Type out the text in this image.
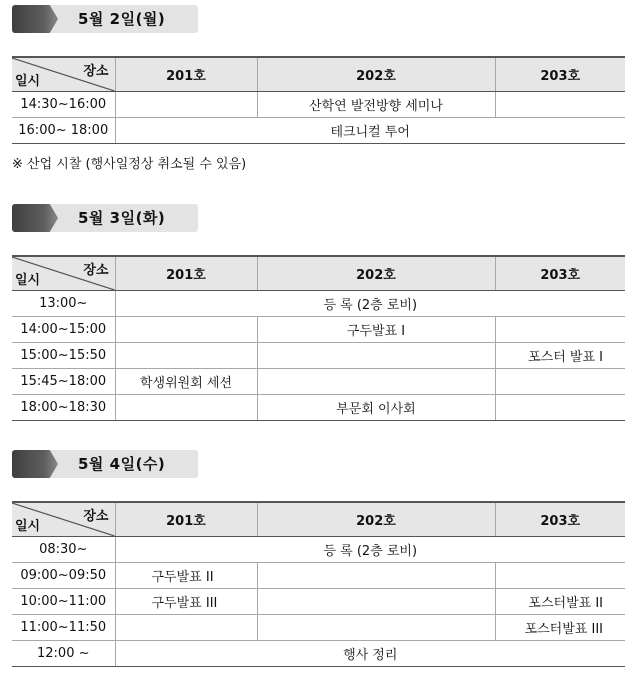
5월 2일(월)
장소
일시	201호	202호	203호
14:30~16:00		산학연 발전방향 세미나	
16:00~ 18:00	테크니컬 투어		
※ 산업 시찰 (행사일정상 취소될 수 있음)
5월 3일(화)
장소
일시	201호	202호	203호
13:00~	등 록 (2층 로비)		
14:00~15:00		구두발표 I	
15:00~15:50			포스터 발표 I
15:45~18:00	학생위원회 세션		
18:00~18:30		부문회 이사회	
5월 4일(수)
장소
일시	201호	202호	203호
08:30~	등 록 (2층 로비)		
09:00~09:50	구두발표 II		
10:00~11:00	구두발표 III		포스터발표 II
11:00~11:50			포스터발표 III
12:00 ~	행사 정리		
